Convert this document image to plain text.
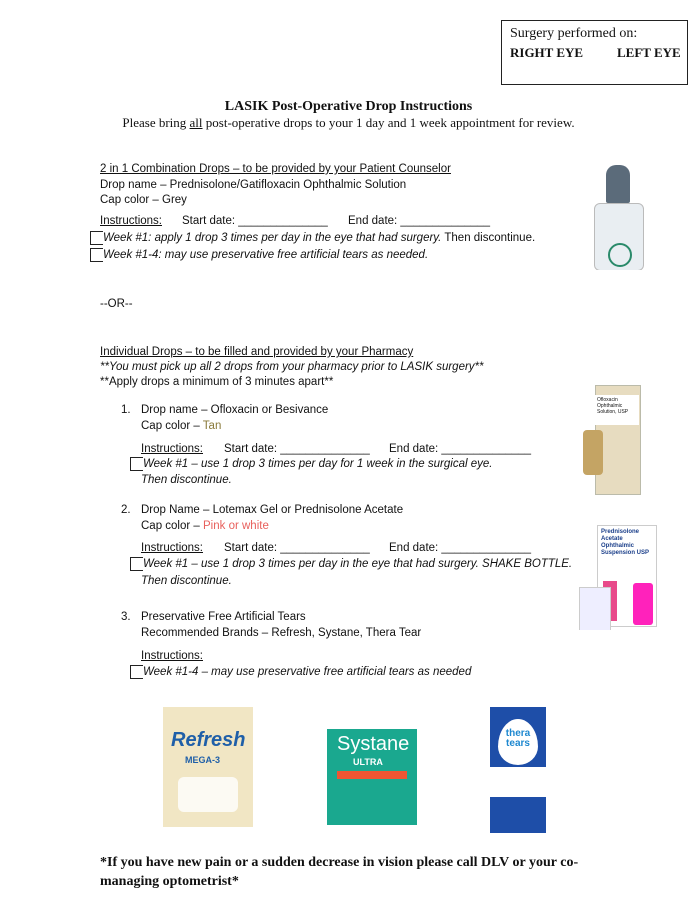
Surgery performed on:
RIGHT EYE	LEFT EYE
LASIK Post-Operative Drop Instructions
Please bring all post-operative drops to your 1 day and 1 week appointment for review.
2 in 1 Combination Drops – to be provided by your Patient Counselor
Drop name – Prednisolone/Gatifloxacin Ophthalmic Solution
Cap color – Grey
Instructions: Start date: ______________ End date: ______________
Week #1: apply 1 drop 3 times per day in the eye that had surgery. Then discontinue.
Week #1-4: may use preservative free artificial tears as needed.
--OR--
Individual Drops – to be filled and provided by your Pharmacy
**You must pick up all 2 drops from your pharmacy prior to LASIK surgery**
**Apply drops a minimum of 3 minutes apart**
1. Drop name – Ofloxacin or Besivance
Cap color – Tan
Instructions: Start date: ______________ End date: ______________
Week #1 – use 1 drop 3 times per day for 1 week in the surgical eye.
Then discontinue.
2. Drop Name – Lotemax Gel or Prednisolone Acetate
Cap color – Pink or white
Instructions: Start date: ______________ End date: ______________
Week #1 – use 1 drop 3 times per day in the eye that had surgery. SHAKE BOTTLE.
Then discontinue.
3. Preservative Free Artificial Tears
Recommended Brands – Refresh, Systane, Thera Tear
Instructions:
Week #1-4 – may use preservative free artificial tears as needed
Ofloxacin Ophthalmic Solution, USP
Prednisolone Acetate Ophthalmic Suspension USP
Refresh
MEGA-3
Systane
ULTRA
thera tears
*If you have new pain or a sudden decrease in vision please call DLV or your co-managing optometrist*
